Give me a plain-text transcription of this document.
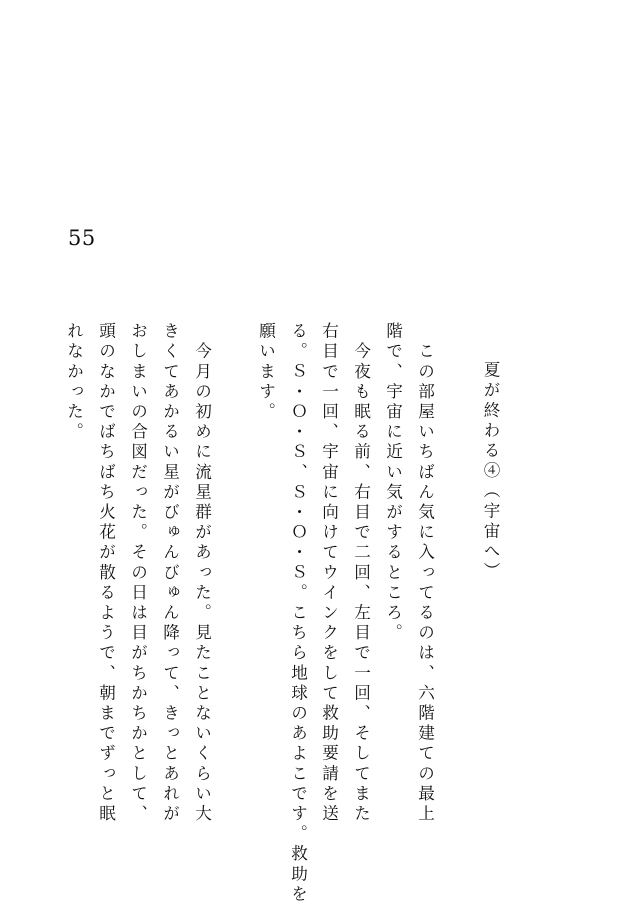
55
夏が終わる④（宇宙へ）
　この部屋いちばん気に入ってるのは、六階建ての最上
階で、宇宙に近い気がするところ。
　今夜も眠る前、右目で二回、左目で一回、そしてまた
右目で一回、宇宙に向けてウインクをして救助要請を送
る。Ｓ・Ｏ・Ｓ、Ｓ・Ｏ・Ｓ。こちら地球のあよこです。救助を
願います。
　今月の初めに流星群があった。見たことないくらい大
きくてあかるい星がびゅんびゅん降って、きっとあれが
おしまいの合図だった。その日は目がちかちかとして、
頭のなかでばちばち火花が散るようで、朝までずっと眠
れなかった。
